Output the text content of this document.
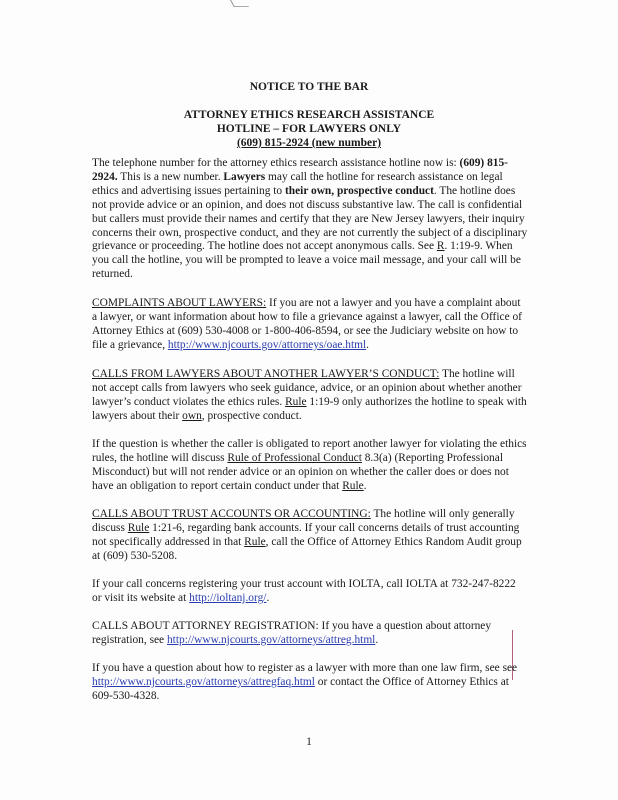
NOTICE TO THE BAR

ATTORNEY ETHICS RESEARCH ASSISTANCE
HOTLINE – FOR LAWYERS ONLY
(609) 815-2924 (new number)

The telephone number for the attorney ethics research assistance hotline now is: (609) 815-2924. This is a new number. Lawyers may call the hotline for research assistance on legal ethics and advertising issues pertaining to their own, prospective conduct. The hotline does not provide advice or an opinion, and does not discuss substantive law. The call is confidential but callers must provide their names and certify that they are New Jersey lawyers, their inquiry concerns their own, prospective conduct, and they are not currently the subject of a disciplinary grievance or proceeding. The hotline does not accept anonymous calls. See R. 1:19-9. When you call the hotline, you will be prompted to leave a voice mail message, and your call will be returned.

COMPLAINTS ABOUT LAWYERS: If you are not a lawyer and you have a complaint about a lawyer, or want information about how to file a grievance against a lawyer, call the Office of Attorney Ethics at (609) 530-4008 or 1-800-406-8594, or see the Judiciary website on how to file a grievance, http://www.njcourts.gov/attorneys/oae.html.

CALLS FROM LAWYERS ABOUT ANOTHER LAWYER’S CONDUCT: The hotline will not accept calls from lawyers who seek guidance, advice, or an opinion about whether another lawyer’s conduct violates the ethics rules. Rule 1:19-9 only authorizes the hotline to speak with lawyers about their own, prospective conduct.

If the question is whether the caller is obligated to report another lawyer for violating the ethics rules, the hotline will discuss Rule of Professional Conduct 8.3(a) (Reporting Professional Misconduct) but will not render advice or an opinion on whether the caller does or does not have an obligation to report certain conduct under that Rule.

CALLS ABOUT TRUST ACCOUNTS OR ACCOUNTING: The hotline will only generally discuss Rule 1:21-6, regarding bank accounts. If your call concerns details of trust accounting not specifically addressed in that Rule, call the Office of Attorney Ethics Random Audit group at (609) 530-5208.

If your call concerns registering your trust account with IOLTA, call IOLTA at 732-247-8222 or visit its website at http://ioltanj.org/.

CALLS ABOUT ATTORNEY REGISTRATION: If you have a question about attorney registration, see http://www.njcourts.gov/attorneys/attreg.html.

If you have a question about how to register as a lawyer with more than one law firm, see see http://www.njcourts.gov/attorneys/attregfaq.html or contact the Office of Attorney Ethics at 609-530-4328.

1
